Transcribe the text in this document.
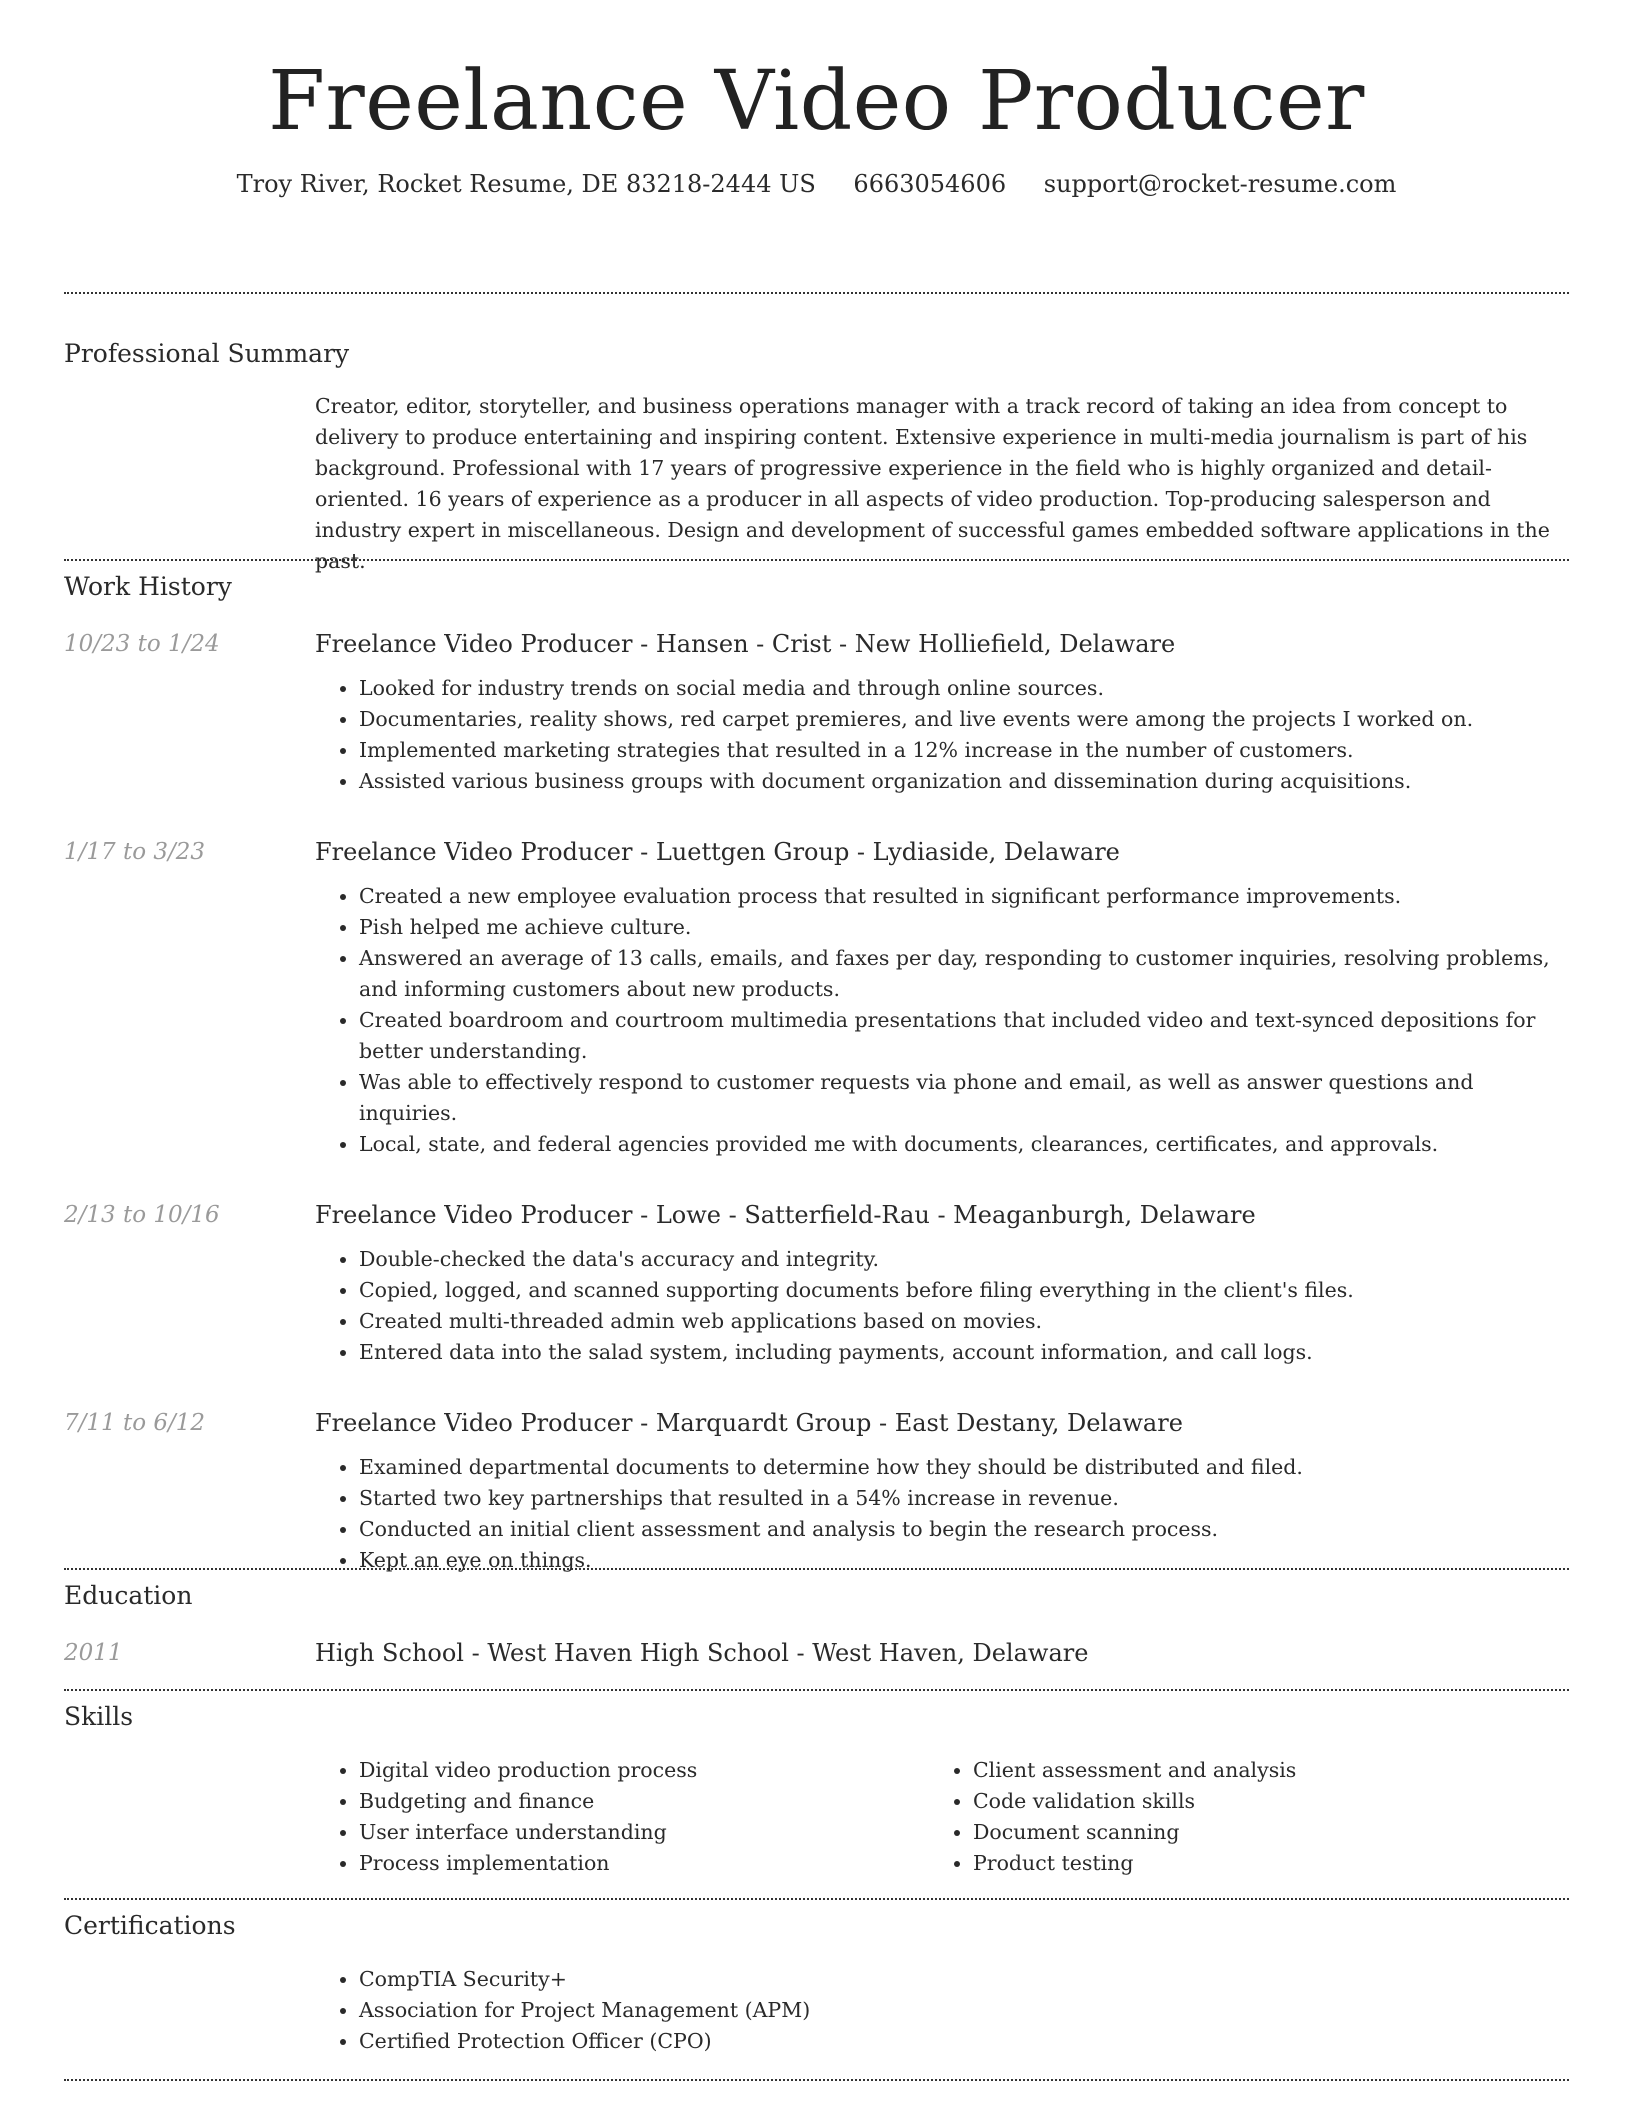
Freelance Video Producer
Troy River, Rocket Resume, DE 83218-2444 US 6663054606 support@rocket-resume.com
Professional Summary

Creator, editor, storyteller, and business operations manager with a track record of taking an idea from concept to delivery to produce entertaining and inspiring content. Extensive experience in multi-media journalism is part of his background. Professional with 17 years of progressive experience in the field who is highly organized and detail-oriented. 16 years of experience as a producer in all aspects of video production. Top-producing salesperson and industry expert in miscellaneous. Design and development of successful games embedded software applications in the past.

Work History
10/23 to 1/24	Freelance Video Producer - Hansen - Crist - New Holliefield, Delaware
• Looked for industry trends on social media and through online sources.
• Documentaries, reality shows, red carpet premieres, and live events were among the projects I worked on.
• Implemented marketing strategies that resulted in a 12% increase in the number of customers.
• Assisted various business groups with document organization and dissemination during acquisitions.
1/17 to 3/23	Freelance Video Producer - Luettgen Group - Lydiaside, Delaware
• Created a new employee evaluation process that resulted in significant performance improvements.
• Pish helped me achieve culture.
• Answered an average of 13 calls, emails, and faxes per day, responding to customer inquiries, resolving problems, and informing customers about new products.
• Created boardroom and courtroom multimedia presentations that included video and text-synced depositions for better understanding.
• Was able to effectively respond to customer requests via phone and email, as well as answer questions and inquiries.
• Local, state, and federal agencies provided me with documents, clearances, certificates, and approvals.
2/13 to 10/16	Freelance Video Producer - Lowe - Satterfield-Rau - Meaganburgh, Delaware
• Double-checked the data's accuracy and integrity.
• Copied, logged, and scanned supporting documents before filing everything in the client's files.
• Created multi-threaded admin web applications based on movies.
• Entered data into the salad system, including payments, account information, and call logs.
7/11 to 6/12	Freelance Video Producer - Marquardt Group - East Destany, Delaware
• Examined departmental documents to determine how they should be distributed and filed.
• Started two key partnerships that resulted in a 54% increase in revenue.
• Conducted an initial client assessment and analysis to begin the research process.
• Kept an eye on things.
Education
2011	High School - West Haven High School - West Haven, Delaware
Skills
• Digital video production process
• Budgeting and finance
• User interface understanding
• Process implementation
• Client assessment and analysis
• Code validation skills
• Document scanning
• Product testing
Certifications
• CompTIA Security+
• Association for Project Management (APM)
• Certified Protection Officer (CPO)
